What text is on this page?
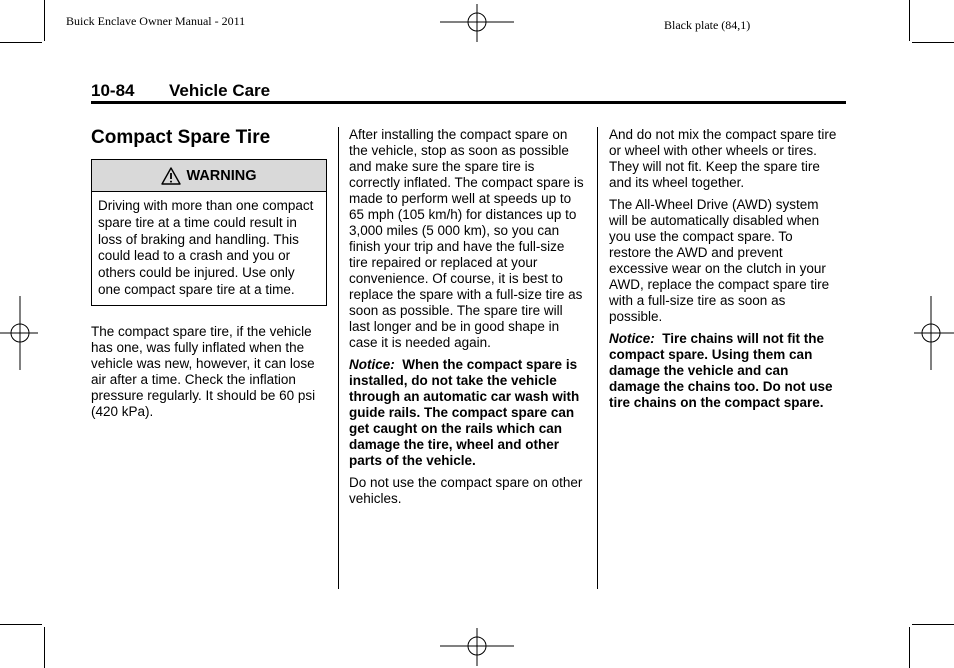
Buick Enclave Owner Manual - 2011	Black plate (84,1)
10-84 Vehicle Care
Compact Spare Tire
WARNING
Driving with more than one compact spare tire at a time could result in loss of braking and handling. This could lead to a crash and you or others could be injured. Use only one compact spare tire at a time.

The compact spare tire, if the vehicle has one, was fully inflated when the vehicle was new, however, it can lose air after a time. Check the inflation pressure regularly. It should be 60 psi (420 kPa).

After installing the compact spare on the vehicle, stop as soon as possible and make sure the spare tire is correctly inflated. The compact spare is made to perform well at speeds up to 65 mph (105 km/h) for distances up to 3,000 miles (5 000 km), so you can finish your trip and have the full-size tire repaired or replaced at your convenience. Of course, it is best to replace the spare with a full-size tire as soon as possible. The spare tire will last longer and be in good shape in case it is needed again.

Notice: When the compact spare is installed, do not take the vehicle through an automatic car wash with guide rails. The compact spare can get caught on the rails which can damage the tire, wheel and other parts of the vehicle.

Do not use the compact spare on other vehicles.

And do not mix the compact spare tire or wheel with other wheels or tires. They will not fit. Keep the spare tire and its wheel together.

The All-Wheel Drive (AWD) system will be automatically disabled when you use the compact spare. To restore the AWD and prevent excessive wear on the clutch in your AWD, replace the compact spare tire with a full-size tire as soon as possible.

Notice: Tire chains will not fit the compact spare. Using them can damage the vehicle and can damage the chains too. Do not use tire chains on the compact spare.
